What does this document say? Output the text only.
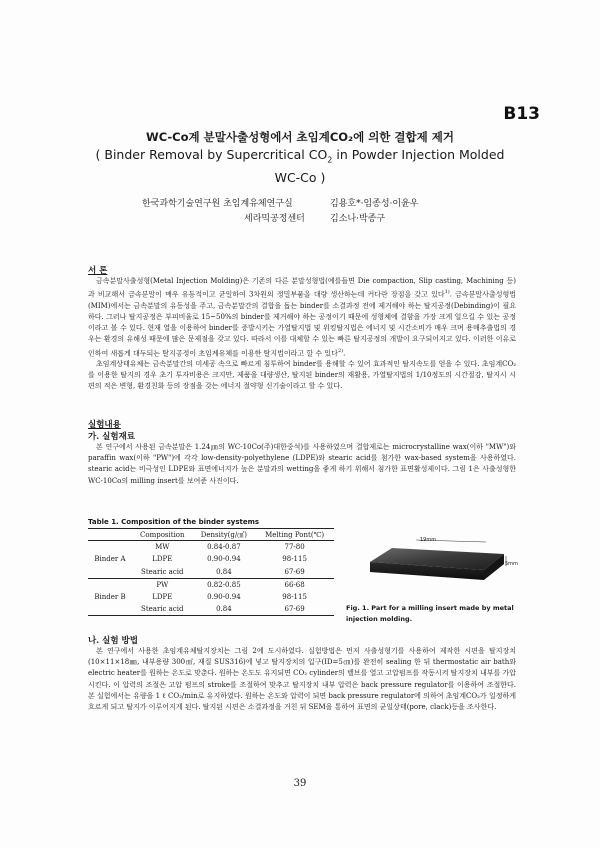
B13
WC-Co계 분말사출성형에서 초임계CO₂에 의한 결합제 제거
( Binder Removal by Supercritical $CO_2$ in Powder Injection Molded
WC-Co )
한국과학기술연구원 초임계유체연구실	김용호*·임종성·이윤우
세라믹공정센터	김소나·박종구
서 론

금속분말사출성형(Metal Injection Molding)은 기존의 다른 분말성형법(예를들면 Die compaction, Slip casting, Machining 등)과 비교해서 금속분말이 매우 유동적이고 균일하여 3차원의 정밀부품을 대량 생산하는데 커다란 장점을 갖고 있다$^{1)}$. 금속분말사출성형법(MIM)에서는 금속분말의 유동성을 주고, 금속분말간의 결합을 돕는 binder를 소결과정 전에 제거해야 하는 탈지공정(Debinding)이 필요하다. 그러나 탈지공정은 부피비율로 15~50%의 binder를 제거해야 하는 공정이기 때문에 성형체에 결함을 가장 크게 일으킬 수 있는 공정이라고 볼 수 있다. 현재 열을 이용하여 binder를 증발시키는 가열탈지법 및 위킹탈지법은 에너지 및 시간소비가 매우 크며 용매추출법의 경우는 환경의 유해성 때문에 많은 문제점을 갖고 있다. 따라서 이를 대체할 수 있는 빠른 탈지공정의 개발이 요구되어지고 있다. 이러한 이유로 인하여 새롭게 대두되는 탈지공정이 초임계유체를 이용한 탈지법이라고 할 수 있다$^{2)}$.

초임계상태유체는 금속분말간의 미세공 속으로 빠르게 침투하여 binder를 용해할 수 있어 효과적인 탈지속도를 얻을 수 있다. 초임계CO₂를 이용한 탈지의 경우 초기 투자비용은 크지만, 제품을 대량생산, 탈지된 binder의 재활용, 가열탈지법의 1/10정도의 시간절감, 탈지시 시편의 적은 변형, 환경친화 등의 장점을 갖는 에너지 절약형 신기술이라고 할 수 있다.

실험내용
가. 실험재료

본 연구에서 사용된 금속분말은 1.24㎛의 WC-10Co(주)대한중석)를 사용하였으며 결합제로는 microcrystalline wax(이하 "MW")와 paraffin wax(이하 "PW")에 각각 low-density-polyethylene (LDPE)와 stearic acid를 첨가한 wax-based system을 사용하였다. stearic acid는 비극성인 LDPE와 표면에너지가 높은 분말과의 wetting을 좋게 하기 위해서 첨가한 표면활성제이다. 그림 1은 사출성형한 WC-10Co의 milling insert를 보여준 사진이다.

Table 1. Composition of the binder systems
	Composition	Density(g/㎤)	Melting Pont(℃)
Binder A	MW	0.84-0.87	77-80
	LDPE	0.90-0.94	98-115
	Stearic acid	0.84	67-69
Binder B	PW	0.82-0.85	66-68
	LDPE	0.90-0.94	98-115
	Stearic acid	0.84	67-69
19mm
5mm
Fig. 1. Part for a milling insert made by metal injection molding.
나. 실험 방법

본 연구에서 사용한 초임계유체탈지장치는 그림 2에 도시하였다. 실험방법은 먼저 사출성형기를 사용하여 제작한 시편을 탈지장치(10×11×18㎜, 내부용량 300㎤, 재질 SUS316)에 넣고 탈지장치의 입구(ID=5㎝)를 완전히 sealing 한 뒤 thermostatic air bath와 electric heater를 원하는 온도로 맞춘다. 원하는 온도도 유지되면 CO₂ cylinder의 밸브를 열고 고압펌프를 작동시켜 탈지장치 내부를 가압 시킨다. 이 압력의 조절은 고압 펌프의 stroke를 조절하여 맞추고 탈지장치 내부 압력은 back pressure regulator를 이용하여 조절한다. 본 실험에서는 유량을 1 ℓ CO₂/min로 유지하였다. 원하는 온도와 압력이 되면 back pressure regulator에 의하여 초임계CO₂가 일정하게 흐르게 되고 탈지가 이루어지게 된다. 탈지된 시편은 소결과정을 거친 뒤 SEM을 통하여 표면의 균일상태(pore, clack)등을 조사한다.

39
